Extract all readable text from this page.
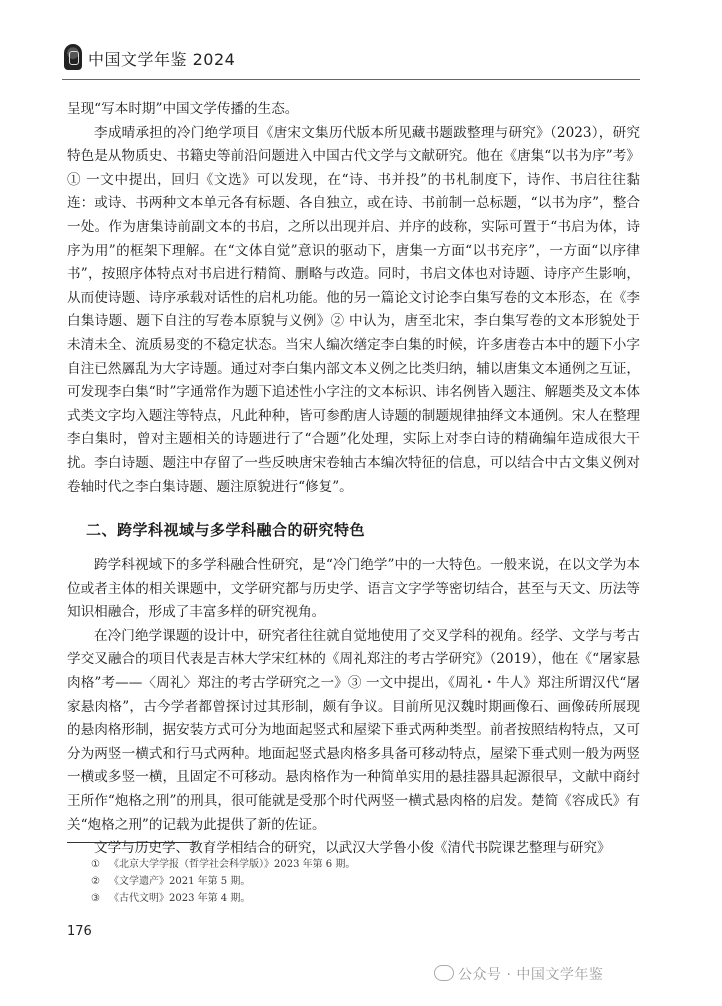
中国文学年鉴 2024

呈现“写本时期”中国文学传播的生态。

李成晴承担的冷门绝学项目《唐宋文集历代版本所见藏书题跋整理与研究》（2023），研究特色是从物质史、书籍史等前沿问题进入中国古代文学与文献研究。他在《唐集“以书为序”考》① 一文中提出，回归《文选》可以发现，在“诗、书并投”的书札制度下，诗作、书启往往黏连：或诗、书两种文本单元各有标题、各自独立，或在诗、书前制一总标题，“以书为序”，整合一处。作为唐集诗前副文本的书启，之所以出现并启、并序的歧称，实际可置于“书启为体，诗序为用”的框架下理解。在“文体自觉”意识的驱动下，唐集一方面“以书充序”，一方面“以序律书”，按照序体特点对书启进行精简、删略与改造。同时，书启文体也对诗题、诗序产生影响，从而使诗题、诗序承载对话性的启札功能。他的另一篇论文讨论李白集写卷的文本形态，在《李白集诗题、题下自注的写卷本原貌与义例》② 中认为，唐至北宋，李白集写卷的文本形貌处于未清未全、流质易变的不稳定状态。当宋人编次缮定李白集的时候，许多唐卷古本中的题下小字自注已然羼乱为大字诗题。通过对李白集内部文本义例之比类归纳，辅以唐集文本通例之互证，可发现李白集“时”字通常作为题下追述性小字注的文本标识、讳名例皆入题注、解题类及文本体式类文字均入题注等特点，凡此种种，皆可参酌唐人诗题的制题规律抽绎文本通例。宋人在整理李白集时，曾对主题相关的诗题进行了“合题”化处理，实际上对李白诗的精确编年造成很大干扰。李白诗题、题注中存留了一些反映唐宋卷轴古本编次特征的信息，可以结合中古文集义例对卷轴时代之李白集诗题、题注原貌进行“修复”。

二、跨学科视域与多学科融合的研究特色

跨学科视域下的多学科融合性研究，是“冷门绝学”中的一大特色。一般来说，在以文学为本位或者主体的相关课题中，文学研究都与历史学、语言文字学等密切结合，甚至与天文、历法等知识相融合，形成了丰富多样的研究视角。

在冷门绝学课题的设计中，研究者往往就自觉地使用了交叉学科的视角。经学、文学与考古学交叉融合的项目代表是吉林大学宋红林的《周礼郑注的考古学研究》（2019），他在《“屠家悬肉格”考——〈周礼〉郑注的考古学研究之一》③ 一文中提出，《周礼・牛人》郑注所谓汉代“屠家悬肉格”，古今学者都曾探讨过其形制，颇有争议。目前所见汉魏时期画像石、画像砖所展现的悬肉格形制，据安装方式可分为地面起竖式和屋梁下垂式两种类型。前者按照结构特点，又可分为两竖一横式和行马式两种。地面起竖式悬肉格多具备可移动特点，屋梁下垂式则一般为两竖一横或多竖一横，且固定不可移动。悬肉格作为一种简单实用的悬挂器具起源很早，文献中商纣王所作“炮格之刑”的刑具，很可能就是受那个时代两竖一横式悬肉格的启发。楚简《容成氏》有关“炮格之刑”的记载为此提供了新的佐证。

文学与历史学、教育学相结合的研究，以武汉大学鲁小俊《清代书院课艺整理与研究》

① 《北京大学学报（哲学社会科学版）》2023 年第 6 期。
② 《文学遗产》2021 年第 5 期。
③ 《古代文明》2023 年第 4 期。
176
公众号 · 中国文学年鉴
